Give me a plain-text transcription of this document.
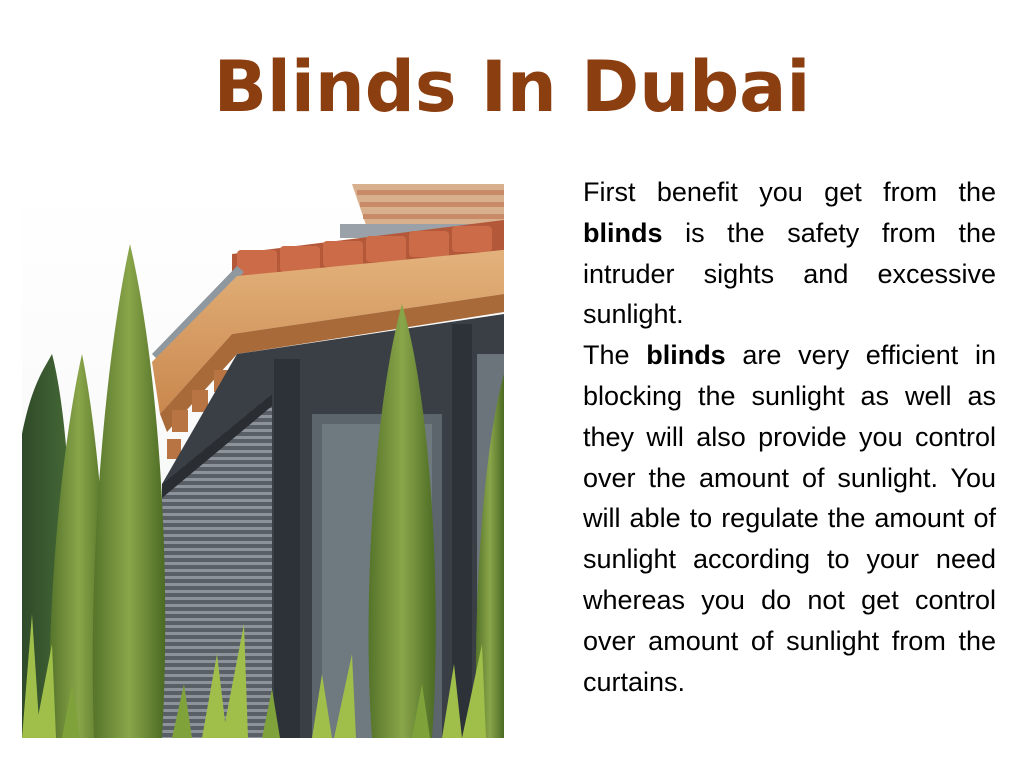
Blinds In Dubai

First benefit you get from the blinds is the safety from the intruder sights and excessive sunlight.
The blinds are very efficient in blocking the sunlight as well as they will also provide you control over the amount of sunlight. You will able to regulate the amount of sunlight according to your need whereas you do not get control over amount of sunlight from the curtains.
